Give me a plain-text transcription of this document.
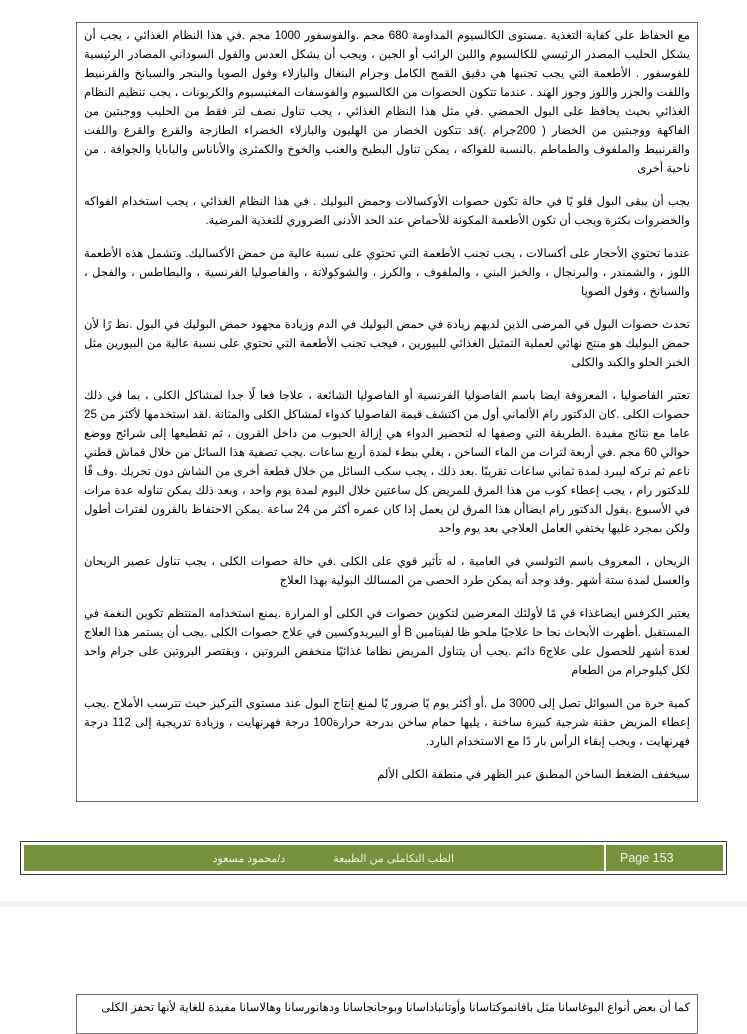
مع الحفاظ على كفاية التغذية .مستوى الكالسيوم المداومة 680 مجم .والفوسفور 1000 مجم .في هذا النظام الغذائي ، يجب أن يشكل الحليب المصدر الرئيسي للكالسيوم واللبن الرائب أو الجبن ، ويجب أن يشكل العدس والفول السوداني المصادر الرئيسية للفوسفور . الأطعمة التي يجب تجنبها هي دقيق القمح الكامل وجرام البنغال والبازلاء وفول الصويا والبنجر والسبانخ والقرنبيط واللفت والجزر واللوز وجوز الهند . عندما تتكون الحصوات من الكالسيوم والفوسفات المغنيسيوم والكربونات ، يجب تنظيم النظام الغذائي بحيث يحافظ على البول الحمضي .في مثل هذا النظام الغذائي ، يجب تناول نصف لتر فقط من الحليب ووجبتين من الفاكهة ووجبتين من الخضار ( 200جرام .)قد تتكون الخضار من الهليون والبازلاء الخضراء الطازجة والقرع والقرع واللفت والقرنبيط والملفوف والطماطم .بالنسبة للفواكه ، يمكن تناول البطيخ والعنب والخوخ والكمثرى والأناناس والبابايا والجوافة . من ناحية أخرى

يجب أن يبقى البول قلو يًا في حالة تكون حصوات الأوكسالات وحمض البوليك . في هذا النظام الغذائي ، يجب استخدام الفواكه والخضروات بكثرة ويجب أن تكون الأطعمة المكونة للأحماض عند الحد الأدنى الضروري للتغذية المرضية.

عندما تحتوي الأحجار على أكسالات ، يجب تجنب الأطعمة التي تحتوي على نسبة عالية من حمض الأكساليك. وتشمل هذه الأطعمة اللوز ، والشمندر ، والبرنجال ، والخبز البني ، والملفوف ، والكرز ، والشوكولاتة ، والفاصوليا الفرنسية ، والبطاطس ، والفجل ، والسبانخ ، وفول الصويا

تحدث حصوات البول في المرضى الذين لديهم زيادة في حمض البوليك في الدم وزيادة مجهود حمض البوليك في البول .نظ رًا لأن حمض البوليك هو منتج نهائي لعملية التمثيل الغذائي للبيورين ، فيجب تجنب الأطعمة التي تحتوي على نسبة عالية من البيورين مثل الخبز الحلو والكبد والكلى

تعتبر الفاصوليا ، المعروفة ايضا باسم الفاصوليا الفرنسية أو الفاصوليا الشائعة ، علاجا فعا لًا جدا لمشاكل الكلى ، بما في ذلك حصوات الكلى .كان الدكتور رام الألماني أول من اكتشف قيمة الفاصوليا كدواء لمشاكل الكلى والمثانة .لقد استخدمها لأكثر من 25 عاما مع نتائج مفيدة .الطريقة التي وصفها له لتحضير الدواء هي إزالة الحبوب من داخل القرون ، ثم تقطيعها إلى شرائح ووضع حوالي 60 مجم .في أربعة لترات من الماء الساخن ، يغلي ببطء لمدة أربع ساعات .يجب تصفية هذا السائل من خلال قماش قطني ناعم ثم تركه ليبرد لمدة ثماني ساعات تقريبًا .بعد ذلك ، يجب سكب السائل من خلال قطعة أخرى من الشاش دون تحريك .وف قًا للدكتور رام ، يجب إعطاء كوب من هذا المرق للمريض كل ساعتين خلال اليوم لمدة يوم واحد ، وبعد ذلك يمكن تناوله عدة مرات في الأسبوع .يقول الدكتور رام ايضاأن هذا المرق لن يعمل إذا كان عمره أكثر من 24 ساعة .يمكن الاحتفاظ بالقرون لفترات أطول ولكن بمجرد غليها يختفي العامل العلاجي بعد يوم واحد

الريحان ، المعروف باسم التولسي في العامية ، له تأثير قوي على الكلى .في حالة حصوات الكلى ، يجب تناول عصير الريحان والعسل لمدة ستة أشهر .وقد وجد أنه يمكن طرد الحصى من المسالك البولية بهذا العلاج

يعتبر الكرفس ايضاغذاء قي مًا لأولئك المعرضين لتكوين حصوات في الكلى أو المرارة .يمنع استخدامه المنتظم تكوين النغمة في المستقبل .أظهرت الأبحاث نجا حا علاجيًا ملحو ظا لفيتامين B أو البيريدوكسين في علاج حصوات الكلى .يجب أن يستمر هذا العلاج لعدة أشهر للحصول على علاج6 دائم .يجب أن يتناول المريض نظاما غذائيًا منخفض البروتين ، ويقتصر البروتين على جرام واحد لكل كيلوجرام من الطعام

كمية حرة من السوائل تصل إلى 3000 مل .أو أكثر يوم يًا ضرور يًا لمنع إنتاج البول عند مستوى التركيز حيث تترسب الأملاح .يجب إعطاء المريض حقنة شرجية كبيرة ساخنة ، يليها حمام ساخن بدرجة حرارة100 درجة فهرنهايت ، وزيادة تدريجية إلى 112 درجة فهرنهايت ، ويجب إبقاء الرأس بار دًا مع الاستخدام البارد.

سيخفف الضغط الساخن المطبق عبر الظهر في منطقة الكلى الألم

الطب التكاملى من الطبيعة
د/محمود مسعود	Page 153

كما أن بعض أنواع اليوغاسانا مثل بافانموكتاسانا وأوتانباداسانا وبوجانجاسانا ودهانورسانا وهالاسانا مفيدة للغاية لأنها تحفز الكلى
